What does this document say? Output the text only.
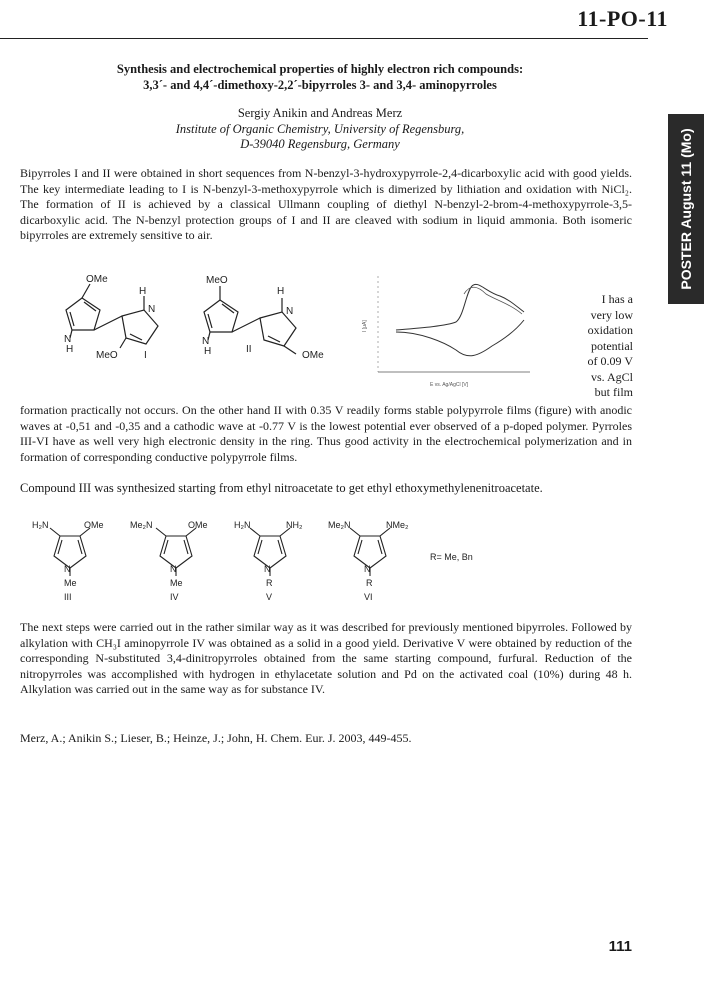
11-PO-11
POSTER August 11 (Mo)
Synthesis and electrochemical properties of highly electron rich compounds:
3,3´- and 4,4´-dimethoxy-2,2´-bipyrroles 3- and 3,4- aminopyrroles
Sergiy Anikin and Andreas Merz
Institute of Organic Chemistry, University of Regensburg,
D-39040 Regensburg, Germany

Bipyrroles I and II were obtained in short sequences from N-benzyl-3-hydroxypyrrole-2,4-dicarboxylic acid with good yields. The key intermediate leading to I is N-benzyl-3-methoxypyrrole which is dimerized by lithiation and oxidation with NiCl₂. The formation of II is achieved by a classical Ullmann coupling of diethyl N-benzyl-2-brom-4-methoxypyrrole-3,5-dicarboxylic acid. The N-benzyl protection groups of I and II are cleaved with sodium in liquid ammonia. Both isomeric bipyrroles are extremely sensitive to air.

OMe
N
H
H
N
MeO	I
MeO
N
H
H
N
OMe
II
I [μA]
E vs. Ag/AgCl [V]
I has a
very low
oxidation
potential
of 0.09 V
vs. AgCl
but film

formation practically not occurs. On the other hand II with 0.35 V readily forms stable polypyrrole films (figure) with anodic waves at -0,51 and -0,35 and a cathodic wave at -0.77 V is the lowest potential ever observed of a p-doped polymer. Pyrroles III-VI have as well very high electronic density in the ring. Thus good activity in the electrochemical polymerization and in formation of corresponding conductive polypyrrole films.

Compound III was synthesized starting from ethyl nitroacetate to get ethyl ethoxymethylenenitroacetate.

H₂N	OMe
N
Me
III
Me₂N	OMe
N
Me
IV
H₂N	NH₂
N
R
V
Me₂N	NMe₂
N
R
VI
R= Me, Bn

The next steps were carried out in the rather similar way as it was described for previously mentioned bipyrroles. Followed by alkylation with CH₃I aminopyrrole IV was obtained as a solid in a good yield. Derivative V were obtained by reduction of the corresponding N-substituted 3,4-dinitropyrroles obtained from the same starting compound, furfural. Reduction of the nitropyrroles was accomplished with hydrogen in ethylacetate solution and Pd on the activated coal (10%) during 48 h. Alkylation was carried out in the same way as for substance IV.

Merz, A.; Anikin S.; Lieser, B.; Heinze, J.; John, H. Chem. Eur. J. 2003, 449-455.

111
